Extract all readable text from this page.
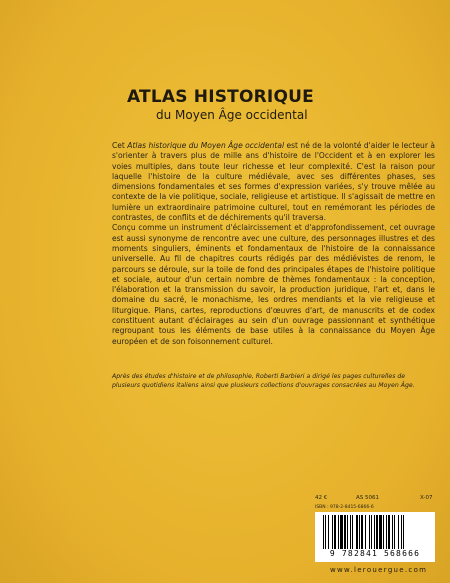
ATLAS HISTORIQUE
du Moyen Âge occidental

Cet Atlas historique du Moyen Âge occidental est né de la volonté d'aider le lecteur à s'orienter à travers plus de mille ans d'histoire de l'Occident et à en explorer les voies multiples, dans toute leur richesse et leur complexité. C'est la raison pour laquelle l'histoire de la culture médiévale, avec ses différentes phases, ses dimensions fondamentales et ses formes d'expression variées, s'y trouve mêlée au contexte de la vie politique, sociale, religieuse et artistique. Il s'agissait de mettre en lumière un extraordinaire patrimoine culturel, tout en remémorant les périodes de contrastes, de conflits et de déchirements qu'il traversa.

Conçu comme un instrument d'éclaircissement et d'approfondissement, cet ouvrage est aussi synonyme de rencontre avec une culture, des personnages illustres et des moments singuliers, éminents et fondamentaux de l'histoire de la connaissance universelle. Au fil de chapitres courts rédigés par des médiévistes de renom, le parcours se déroule, sur la toile de fond des principales étapes de l'histoire politique et sociale, autour d'un certain nombre de thèmes fondamentaux : la conception, l'élaboration et la transmission du savoir, la production juridique, l'art et, dans le domaine du sacré, le monachisme, les ordres mendiants et la vie religieuse et liturgique. Plans, cartes, reproductions d'œuvres d'art, de manuscrits et de codex constituent autant d'éclairages au sein d'un ouvrage passionnant et synthétique regroupant tous les éléments de base utiles à la connaissance du Moyen Âge européen et de son foisonnement culturel.

Après des études d'histoire et de philosophie, Roberti Barbieri a dirigé les pages culturelles de plusieurs quotidiens italiens ainsi que plusieurs collections d'ouvrages consacrées au Moyen Âge.
42 €	AS 5061	X-07
ISBN : 978-2-8415-6866-6
9 782841 568666
www.lerouergue.com
